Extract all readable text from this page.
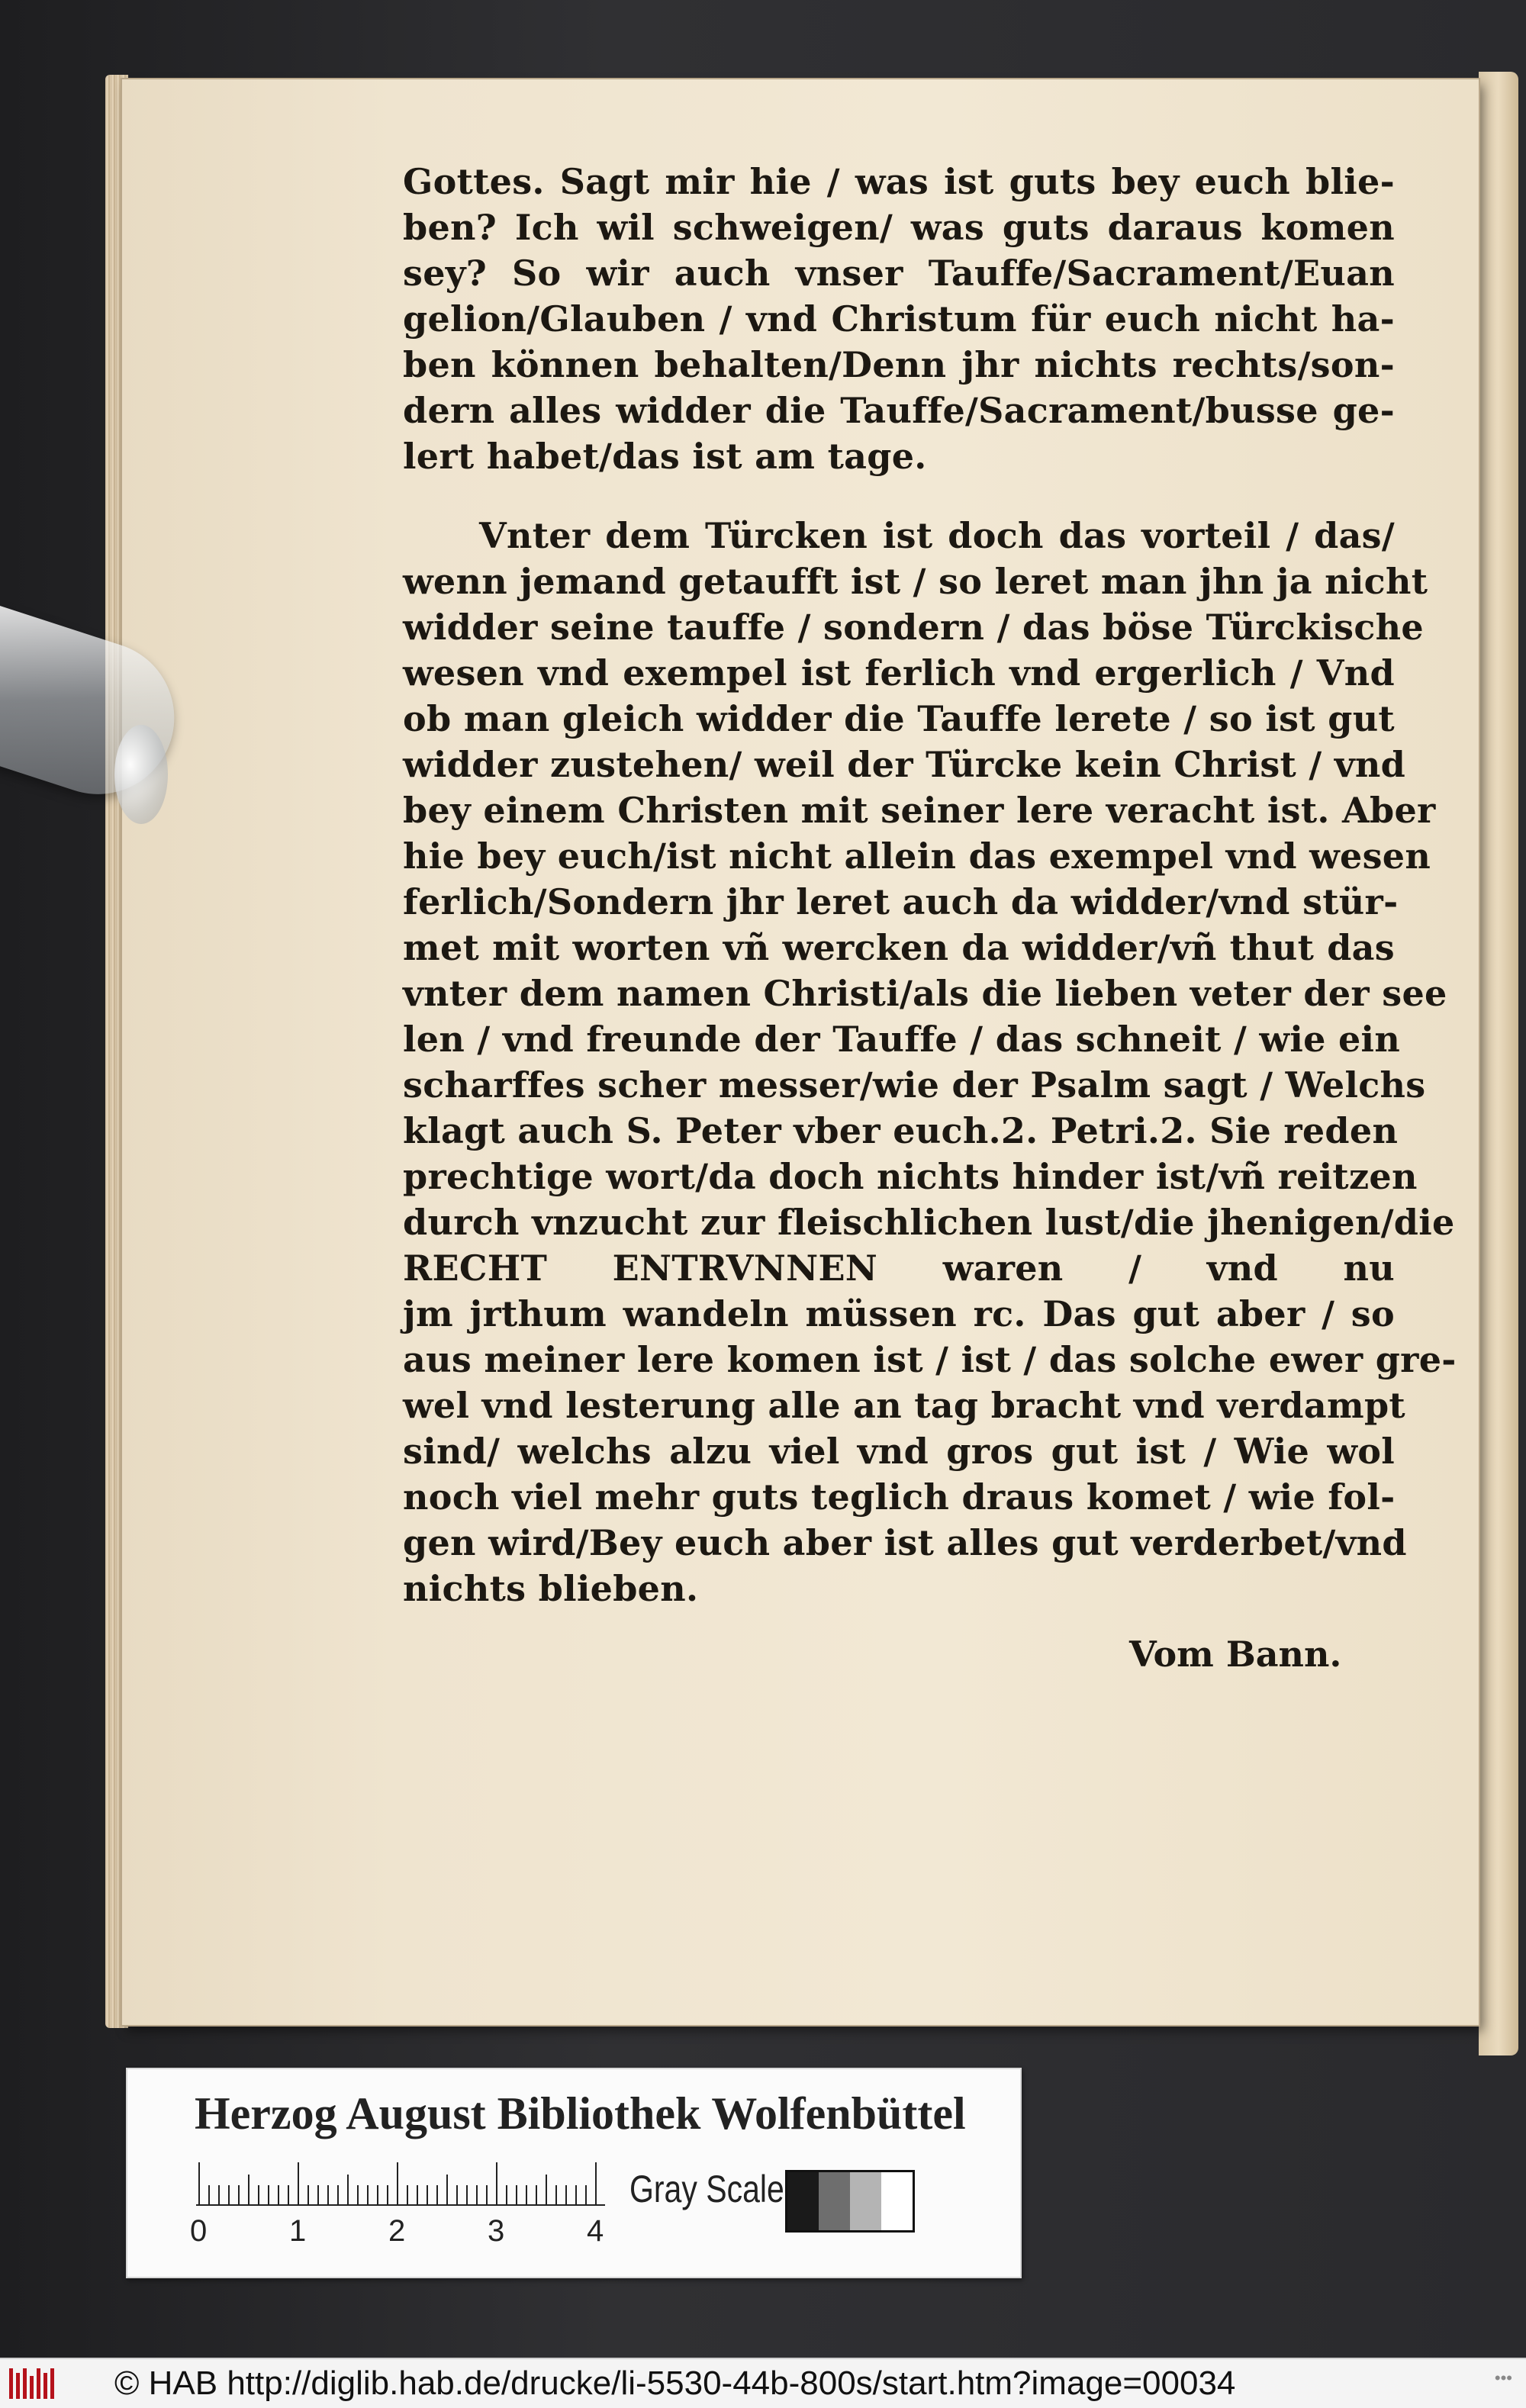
Gottes. Sagt mir hie / was ist guts bey euch blie-
ben? Ich wil schweigen/ was guts daraus komen
sey? So wir auch vnser Tauffe/Sacrament/Euan
gelion/Glauben / vnd Christum für euch nicht ha-
ben können behalten/Denn jhr nichts rechts/son-
dern alles widder die Tauffe/Sacrament/busse ge-
lert habet/das ist am tage.
Vnter dem Türcken ist doch das vorteil / das/
wenn jemand getaufft ist / so leret man jhn ja nicht
widder seine tauffe / sondern / das böse Türckische
wesen vnd exempel ist ferlich vnd ergerlich / Vnd
ob man gleich widder die Tauffe lerete / so ist gut
widder zustehen/ weil der Türcke kein Christ / vnd
bey einem Christen mit seiner lere veracht ist. Aber
hie bey euch/ist nicht allein das exempel vnd wesen
ferlich/Sondern jhr leret auch da widder/vnd stür-
met mit worten vñ wercken da widder/vñ thut das
vnter dem namen Christi/als die lieben veter der see
len / vnd freunde der Tauffe / das schneit / wie ein
scharffes scher messer/wie der Psalm sagt / Welchs
klagt auch S. Peter vber euch.2. Petri.2. Sie reden
prechtige wort/da doch nichts hinder ist/vñ reitzen
durch vnzucht zur fleischlichen lust/die jhenigen/die
RECHT ENTRVNNEN waren / vnd nu
jm jrthum wandeln müssen rc. Das gut aber / so
aus meiner lere komen ist / ist / das solche ewer gre-
wel vnd lesterung alle an tag bracht vnd verdampt
sind/ welchs alzu viel vnd gros gut ist / Wie wol
noch viel mehr guts teglich draus komet / wie fol-
gen wird/Bey euch aber ist alles gut verderbet/vnd
nichts blieben.
Vom Bann.
Herzog August Bibliothek Wolfenbüttel
0	1	2	3	4
Gray Scale
© HAB http://diglib.hab.de/drucke/li-5530-44b-800s/start.htm?image=00034	•••
